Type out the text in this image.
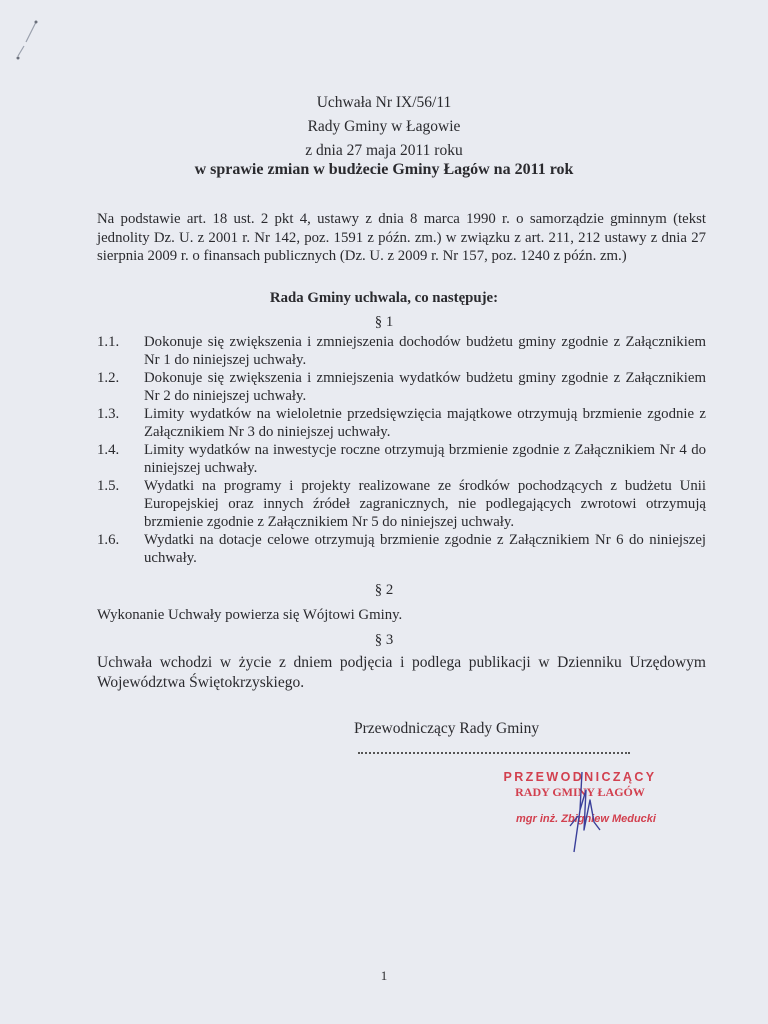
Uchwała Nr IX/56/11
Rady Gminy w Łagowie
z dnia 27 maja 2011 roku
w sprawie zmian w budżecie Gminy Łagów na 2011 rok
Na podstawie art. 18 ust. 2 pkt 4, ustawy z dnia 8 marca 1990 r. o samorządzie gminnym (tekst jednolity Dz. U. z 2001 r. Nr 142, poz. 1591 z późn. zm.) w związku z art. 211, 212 ustawy z dnia 27 sierpnia 2009 r. o finansach publicznych (Dz. U. z 2009 r. Nr 157, poz. 1240 z późn. zm.)
Rada Gminy uchwala, co następuje:
§ 1
1.1.	Dokonuje się zwiększenia i zmniejszenia dochodów budżetu gminy zgodnie z Załącznikiem Nr 1 do niniejszej uchwały.
1.2.	Dokonuje się zwiększenia i zmniejszenia wydatków budżetu gminy zgodnie z Załącznikiem Nr 2 do niniejszej uchwały.
1.3.	Limity wydatków na wieloletnie przedsięwzięcia majątkowe otrzymują brzmienie zgodnie z Załącznikiem Nr 3 do niniejszej uchwały.
1.4.	Limity wydatków na inwestycje roczne otrzymują brzmienie zgodnie z Załącznikiem Nr 4 do niniejszej uchwały.
1.5.	Wydatki na programy i projekty realizowane ze środków pochodzących z budżetu Unii Europejskiej oraz innych źródeł zagranicznych, nie podlegających zwrotowi otrzymują brzmienie zgodnie z Załącznikiem Nr 5 do niniejszej uchwały.
1.6.	Wydatki na dotacje celowe otrzymują brzmienie zgodnie z Załącznikiem Nr 6 do niniejszej uchwały.
§ 2
Wykonanie Uchwały powierza się Wójtowi Gminy.
§ 3
Uchwała wchodzi w życie z dniem podjęcia i podlega publikacji w Dzienniku Urzędowym Województwa Świętokrzyskiego.
Przewodniczący Rady Gminy
PRZEWODNICZĄCY
RADY GMINY ŁAGÓW
mgr inż. Zbigniew Meducki
1
